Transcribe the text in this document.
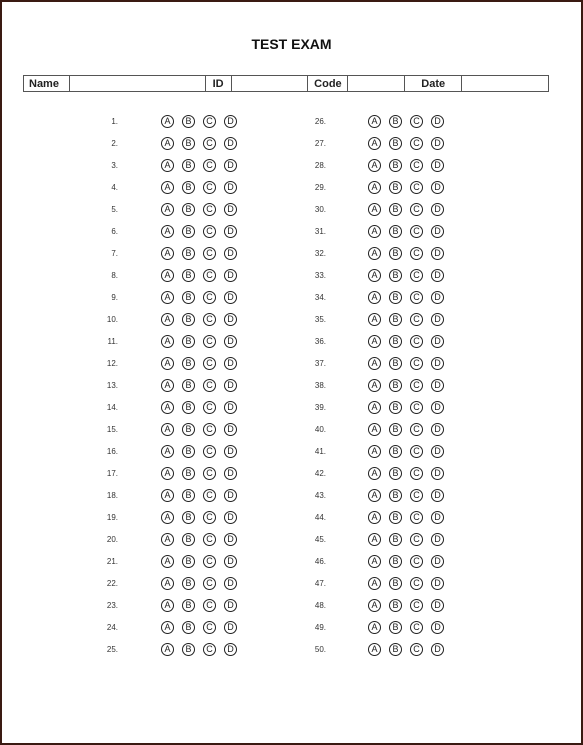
TEST EXAM
Name	ID	Code	Date
1.	A	B	C	D
2.	A	B	C	D
3.	A	B	C	D
4.	A	B	C	D
5.	A	B	C	D
6.	A	B	C	D
7.	A	B	C	D
8.	A	B	C	D
9.	A	B	C	D
10.	A	B	C	D
11.	A	B	C	D
12.	A	B	C	D
13.	A	B	C	D
14.	A	B	C	D
15.	A	B	C	D
16.	A	B	C	D
17.	A	B	C	D
18.	A	B	C	D
19.	A	B	C	D
20.	A	B	C	D
21.	A	B	C	D
22.	A	B	C	D
23.	A	B	C	D
24.	A	B	C	D
25.	A	B	C	D
26.	A	B	C	D
27.	A	B	C	D
28.	A	B	C	D
29.	A	B	C	D
30.	A	B	C	D
31.	A	B	C	D
32.	A	B	C	D
33.	A	B	C	D
34.	A	B	C	D
35.	A	B	C	D
36.	A	B	C	D
37.	A	B	C	D
38.	A	B	C	D
39.	A	B	C	D
40.	A	B	C	D
41.	A	B	C	D
42.	A	B	C	D
43.	A	B	C	D
44.	A	B	C	D
45.	A	B	C	D
46.	A	B	C	D
47.	A	B	C	D
48.	A	B	C	D
49.	A	B	C	D
50.	A	B	C	D
